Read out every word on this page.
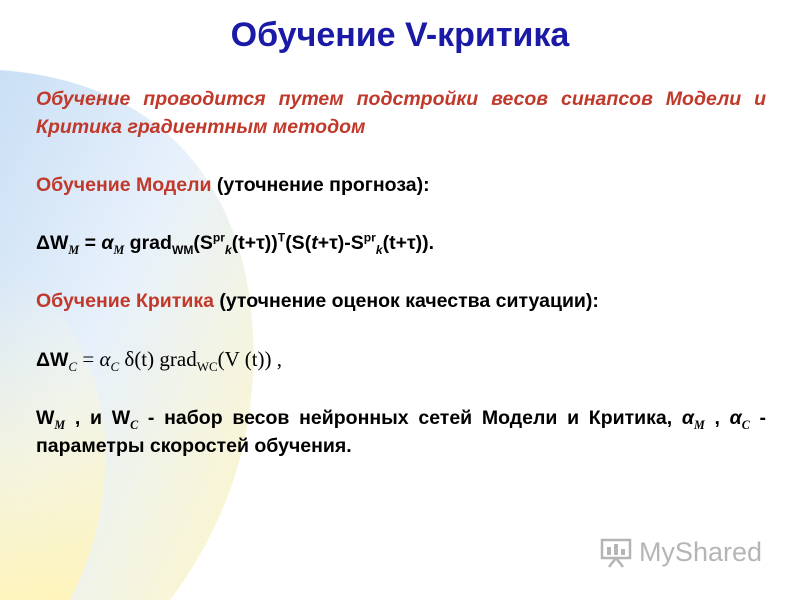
Обучение V-критика

Обучение проводится путем подстройки весов синапсов Модели и Критика градиентным методом

Обучение Модели (уточнение прогноза):

$\Delta W_M = \alpha_M$ $grad_{WM}(S^{pr}_k(t+\tau))^T(S(t+\tau)-S^{pr}_k(t+\tau))$.

Обучение Критика (уточнение оценок качества ситуации):

$\Delta W_C = \alpha_C$ δ(t) grad$_{WC}$(V (t)) ,

$W_M$ , и $W_C$ - набор весов нейронных сетей Модели и Критика, $\alpha_M$ , $\alpha_C$ - параметры скоростей обучения.

MyShared
